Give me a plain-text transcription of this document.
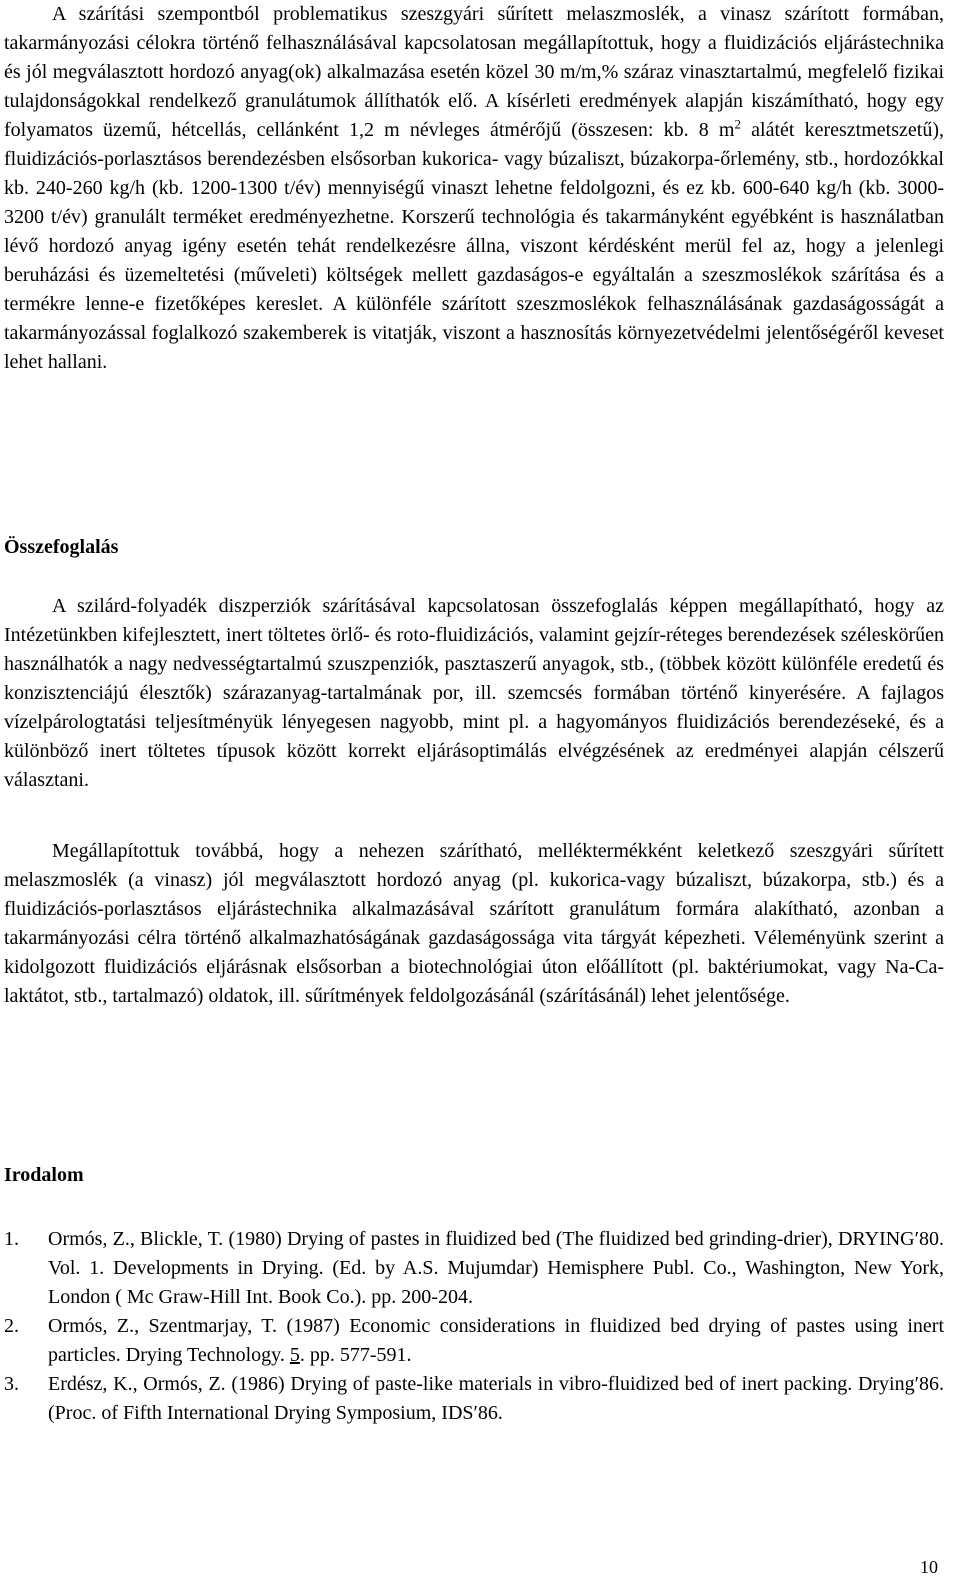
A szárítási szempontból problematikus szeszgyári sűrített melaszmoslék, a vinasz szárított formában, takarmányozási célokra történő felhasználásával kapcsolatosan megállapítottuk, hogy a fluidizációs eljárástechnika és jól megválasztott hordozó anyag(ok) alkalmazása esetén közel 30 m/m,% száraz vinasztartalmú, megfelelő fizikai tulajdonságokkal rendelkező granulátumok állíthatók elő. A kísérleti eredmények alapján kiszámítható, hogy egy folyamatos üzemű, hétcellás, cellánként 1,2 m névleges átmérőjű (összesen: kb. 8 $m^2$ alátét keresztmetszetű), fluidizációs-porlasztásos berendezésben elsősorban kukorica- vagy búzaliszt, búzakorpa-őrlemény, stb., hordozókkal kb. 240-260 kg/h (kb. 1200-1300 t/év) mennyiségű vinaszt lehetne feldolgozni, és ez kb. 600-640 kg/h (kb. 3000-3200 t/év) granulált terméket eredményezhetne. Korszerű technológia és takarmányként egyébként is használatban lévő hordozó anyag igény esetén tehát rendelkezésre állna, viszont kérdésként merül fel az, hogy a jelenlegi beruházási és üzemeltetési (műveleti) költségek mellett gazdaságos-e egyáltalán a szeszmoslékok szárítása és a termékre lenne-e fizetőképes kereslet. A különféle szárított szeszmoslékok felhasználásának gazdaságosságát a takarmányozással foglalkozó szakemberek is vitatják, viszont a hasznosítás környezetvédelmi jelentőségéről keveset lehet hallani.

Összefoglalás

A szilárd-folyadék diszperziók szárításával kapcsolatosan összefoglalás képpen megállapítható, hogy az Intézetünkben kifejlesztett, inert töltetes örlő- és roto-fluidizációs, valamint gejzír-réteges berendezések széleskörűen használhatók a nagy nedvességtartalmú szuszpenziók, pasztaszerű anyagok, stb., (többek között különféle eredetű és konzisztenciájú élesztők) szárazanyag-tartalmának por, ill. szemcsés formában történő kinyerésére. A fajlagos vízelpárologtatási teljesítményük lényegesen nagyobb, mint pl. a hagyományos fluidizációs berendezéseké, és a különböző inert töltetes típusok között korrekt eljárásoptimálás elvégzésének az eredményei alapján célszerű választani.

Megállapítottuk továbbá, hogy a nehezen szárítható, melléktermékként keletkező szeszgyári sűrített melaszmoslék (a vinasz) jól megválasztott hordozó anyag (pl. kukorica-vagy búzaliszt, búzakorpa, stb.) és a fluidizációs-porlasztásos eljárástechnika alkalmazásával szárított granulátum formára alakítható, azonban a takarmányozási célra történő alkalmazhatóságának gazdaságossága vita tárgyát képezheti. Véleményünk szerint a kidolgozott fluidizációs eljárásnak elsősorban a biotechnológiai úton előállított (pl. baktériumokat, vagy Na-Ca-laktátot, stb., tartalmazó) oldatok, ill. sűrítmények feldolgozásánál (szárításánál) lehet jelentősége.

Irodalom
1. Ormós, Z., Blickle, T. (1980) Drying of pastes in fluidized bed (The fluidized bed grinding-drier), DRYING′80. Vol. 1. Developments in Drying. (Ed. by A.S. Mujumdar) Hemisphere Publ. Co., Washington, New York, London ( Mc Graw-Hill Int. Book Co.). pp. 200-204.
2. Ormós, Z., Szentmarjay, T. (1987) Economic considerations in fluidized bed drying of pastes using inert particles. Drying Technology. 5. pp. 577-591.
3. Erdész, K., Ormós, Z. (1986) Drying of paste-like materials in vibro-fluidized bed of inert packing. Drying′86. (Proc. of Fifth International Drying Symposium, IDS′86.
10
